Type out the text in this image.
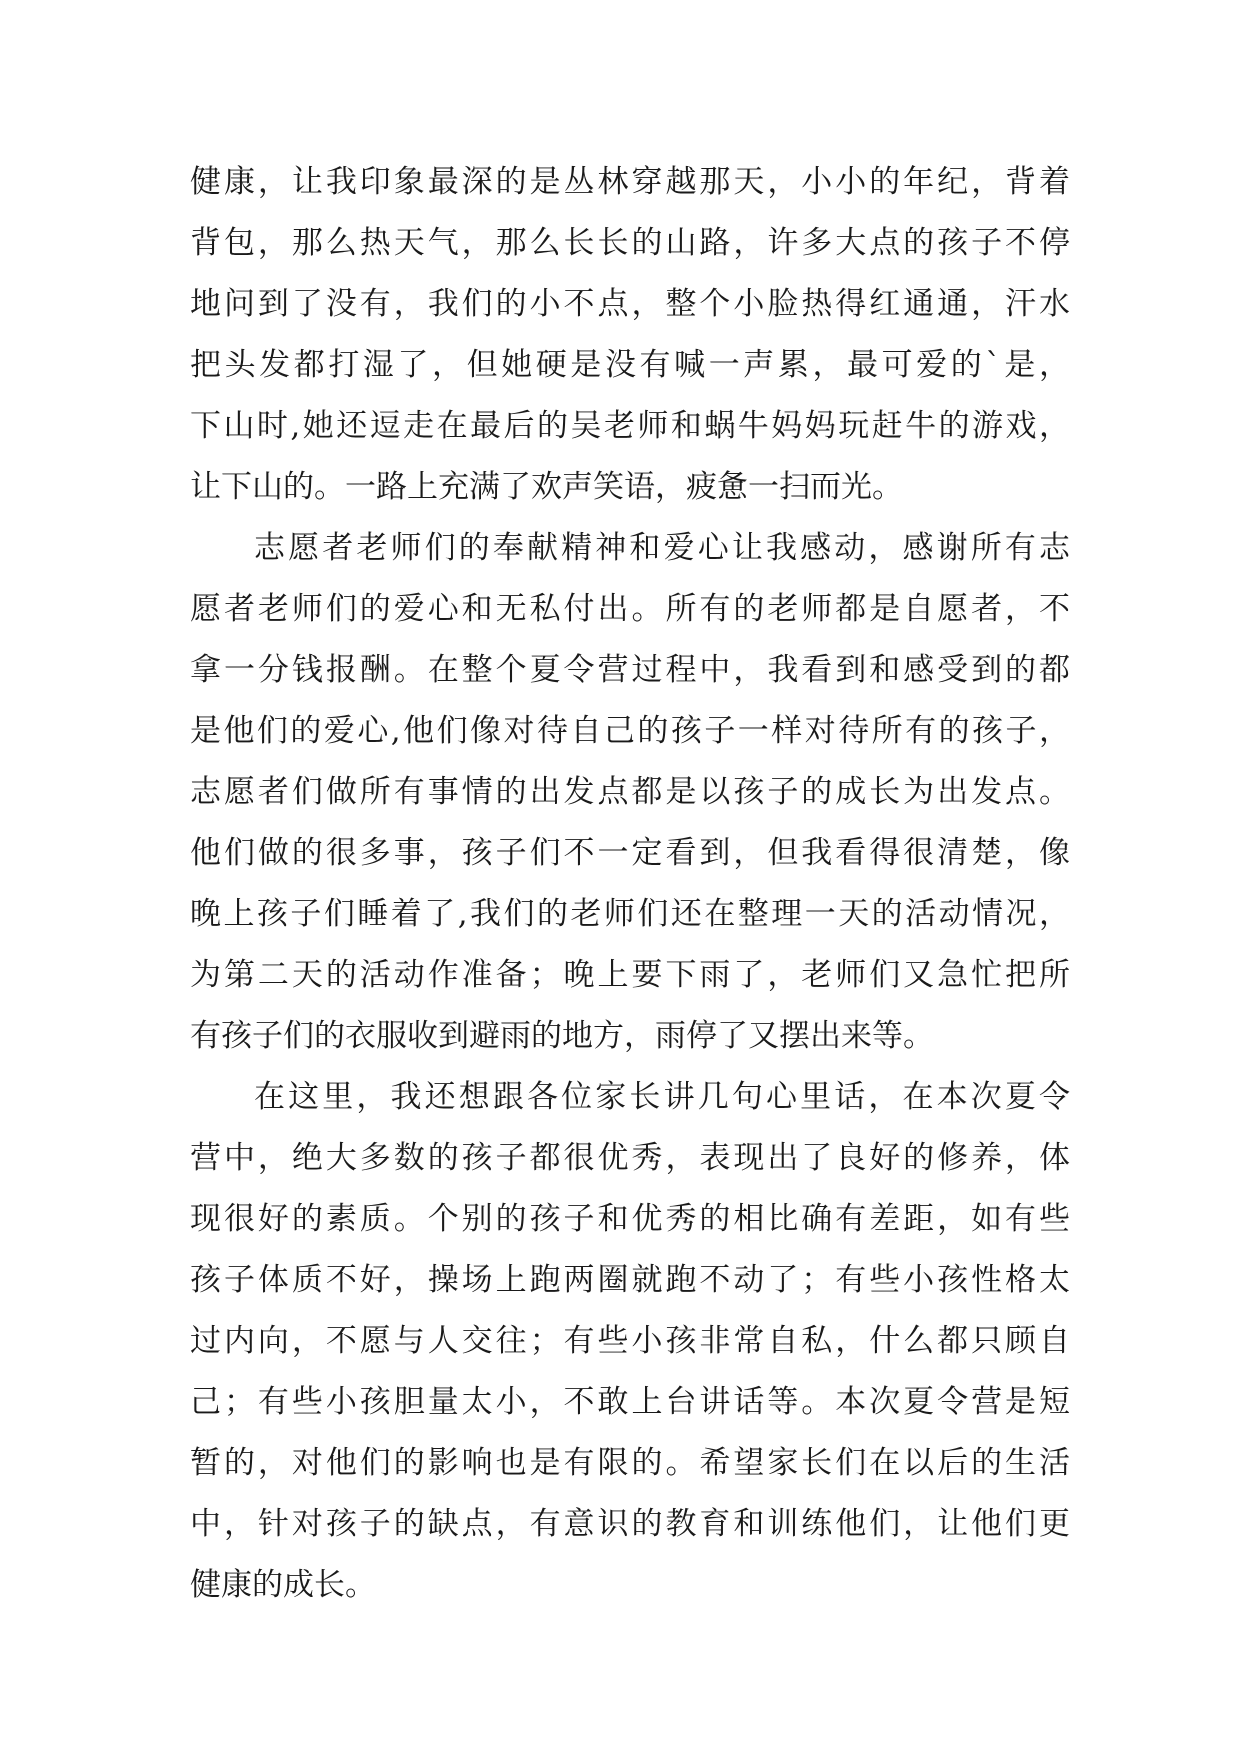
健康，让我印象最深的是丛林穿越那天，小小的年纪，背着
背包，那么热天气，那么长长的山路，许多大点的孩子不停
地问到了没有，我们的小不点，整个小脸热得红通通，汗水
把头发都打湿了，但她硬是没有喊一声累，最可爱的`是，
下山时,她还逗走在最后的吴老师和蜗牛妈妈玩赶牛的游戏，
让下山的。一路上充满了欢声笑语，疲惫一扫而光。
志愿者老师们的奉献精神和爱心让我感动，感谢所有志
愿者老师们的爱心和无私付出。所有的老师都是自愿者，不
拿一分钱报酬。在整个夏令营过程中，我看到和感受到的都
是他们的爱心,他们像对待自己的孩子一样对待所有的孩子，
志愿者们做所有事情的出发点都是以孩子的成长为出发点。
他们做的很多事，孩子们不一定看到，但我看得很清楚，像
晚上孩子们睡着了,我们的老师们还在整理一天的活动情况，
为第二天的活动作准备；晚上要下雨了，老师们又急忙把所
有孩子们的衣服收到避雨的地方，雨停了又摆出来等。
在这里，我还想跟各位家长讲几句心里话，在本次夏令
营中，绝大多数的孩子都很优秀，表现出了良好的修养，体
现很好的素质。个别的孩子和优秀的相比确有差距，如有些
孩子体质不好，操场上跑两圈就跑不动了；有些小孩性格太
过内向，不愿与人交往；有些小孩非常自私，什么都只顾自
己；有些小孩胆量太小，不敢上台讲话等。本次夏令营是短
暂的，对他们的影响也是有限的。希望家长们在以后的生活
中，针对孩子的缺点，有意识的教育和训练他们，让他们更
健康的成长。
